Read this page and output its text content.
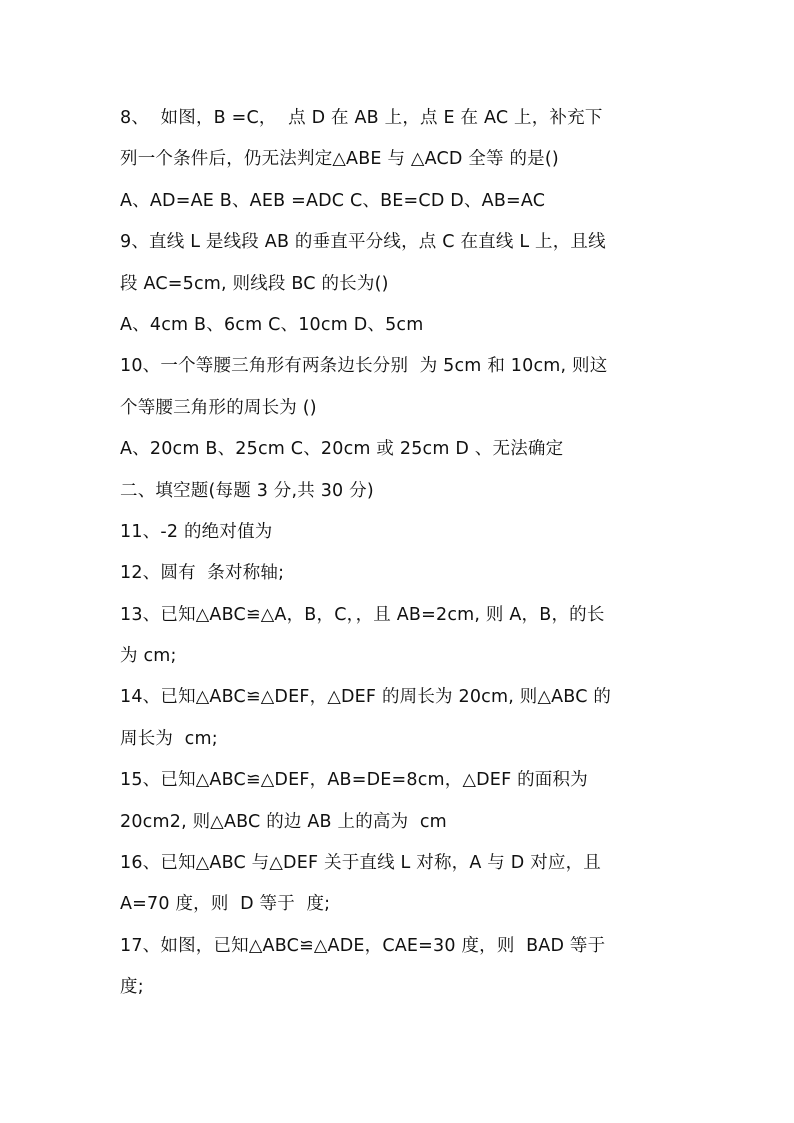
8、  如图，B =C，  点 D 在 AB 上，点 E 在 AC 上，补充下
列一个条件后，仍无法判定△ABE 与 △ACD 全等 的是()
A、AD=AE B、AEB =ADC C、BE=CD D、AB=AC
9、直线 L 是线段 AB 的垂直平分线，点 C 在直线 L 上，且线
段 AC=5cm, 则线段 BC 的长为()
A、4cm B、6cm C、10cm D、5cm
10、一个等腰三角形有两条边长分别  为 5cm 和 10cm, 则这
个等腰三角形的周长为 ()
A、20cm B、25cm C、20cm 或 25cm D 、无法确定
二、填空题(每题 3 分,共 30 分)
11、-2 的绝对值为
12、圆有  条对称轴;
13、已知△ABC≌△A，B，C，，且 AB=2cm, 则 A，B，的长
为 cm;
14、已知△ABC≌△DEF，△DEF 的周长为 20cm, 则△ABC 的
周长为  cm;
15、已知△ABC≌△DEF，AB=DE=8cm，△DEF 的面积为
20cm2, 则△ABC 的边 AB 上的高为  cm
16、已知△ABC 与△DEF 关于直线 L 对称，A 与 D 对应，且
A=70 度，则  D 等于  度;
17、如图，已知△ABC≌△ADE，CAE=30 度，则  BAD 等于
度;
